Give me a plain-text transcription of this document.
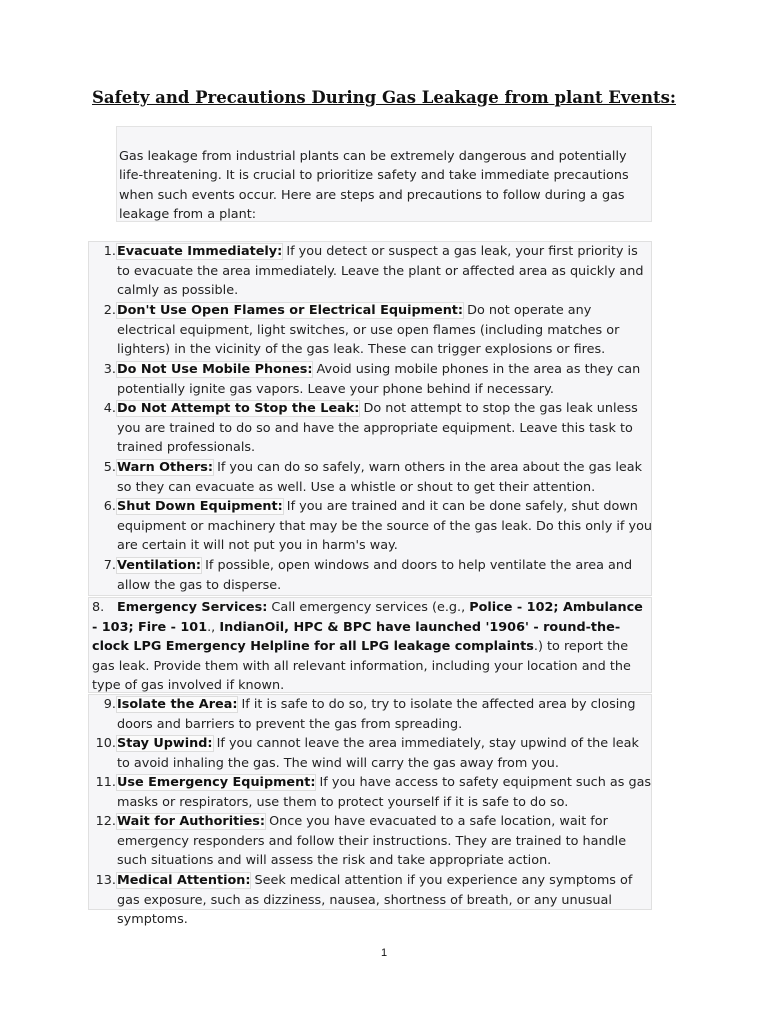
Safety and Precautions During Gas Leakage from plant Events:
Gas leakage from industrial plants can be extremely dangerous and potentially life-threatening. It is crucial to prioritize safety and take immediate precautions when such events occur. Here are steps and precautions to follow during a gas leakage from a plant:
1. Evacuate Immediately: If you detect or suspect a gas leak, your first priority is to evacuate the area immediately. Leave the plant or affected area as quickly and calmly as possible.
2. Don't Use Open Flames or Electrical Equipment: Do not operate any electrical equipment, light switches, or use open flames (including matches or lighters) in the vicinity of the gas leak. These can trigger explosions or fires.
3. Do Not Use Mobile Phones: Avoid using mobile phones in the area as they can potentially ignite gas vapors. Leave your phone behind if necessary.
4. Do Not Attempt to Stop the Leak: Do not attempt to stop the gas leak unless you are trained to do so and have the appropriate equipment. Leave this task to trained professionals.
5. Warn Others: If you can do so safely, warn others in the area about the gas leak so they can evacuate as well. Use a whistle or shout to get their attention.
6. Shut Down Equipment: If you are trained and it can be done safely, shut down equipment or machinery that may be the source of the gas leak. Do this only if you are certain it will not put you in harm's way.
7. Ventilation: If possible, open windows and doors to help ventilate the area and allow the gas to disperse.
8. Emergency Services: Call emergency services (e.g., Police - 102; Ambulance - 103; Fire - 101., IndianOil, HPC & BPC have launched '1906' - round-the-clock LPG Emergency Helpline for all LPG leakage complaints.) to report the gas leak. Provide them with all relevant information, including your location and the type of gas involved if known.
9. Isolate the Area: If it is safe to do so, try to isolate the affected area by closing doors and barriers to prevent the gas from spreading.
10. Stay Upwind: If you cannot leave the area immediately, stay upwind of the leak to avoid inhaling the gas. The wind will carry the gas away from you.
11. Use Emergency Equipment: If you have access to safety equipment such as gas masks or respirators, use them to protect yourself if it is safe to do so.
12. Wait for Authorities: Once you have evacuated to a safe location, wait for emergency responders and follow their instructions. They are trained to handle such situations and will assess the risk and take appropriate action.
13. Medical Attention: Seek medical attention if you experience any symptoms of gas exposure, such as dizziness, nausea, shortness of breath, or any unusual symptoms.
1
